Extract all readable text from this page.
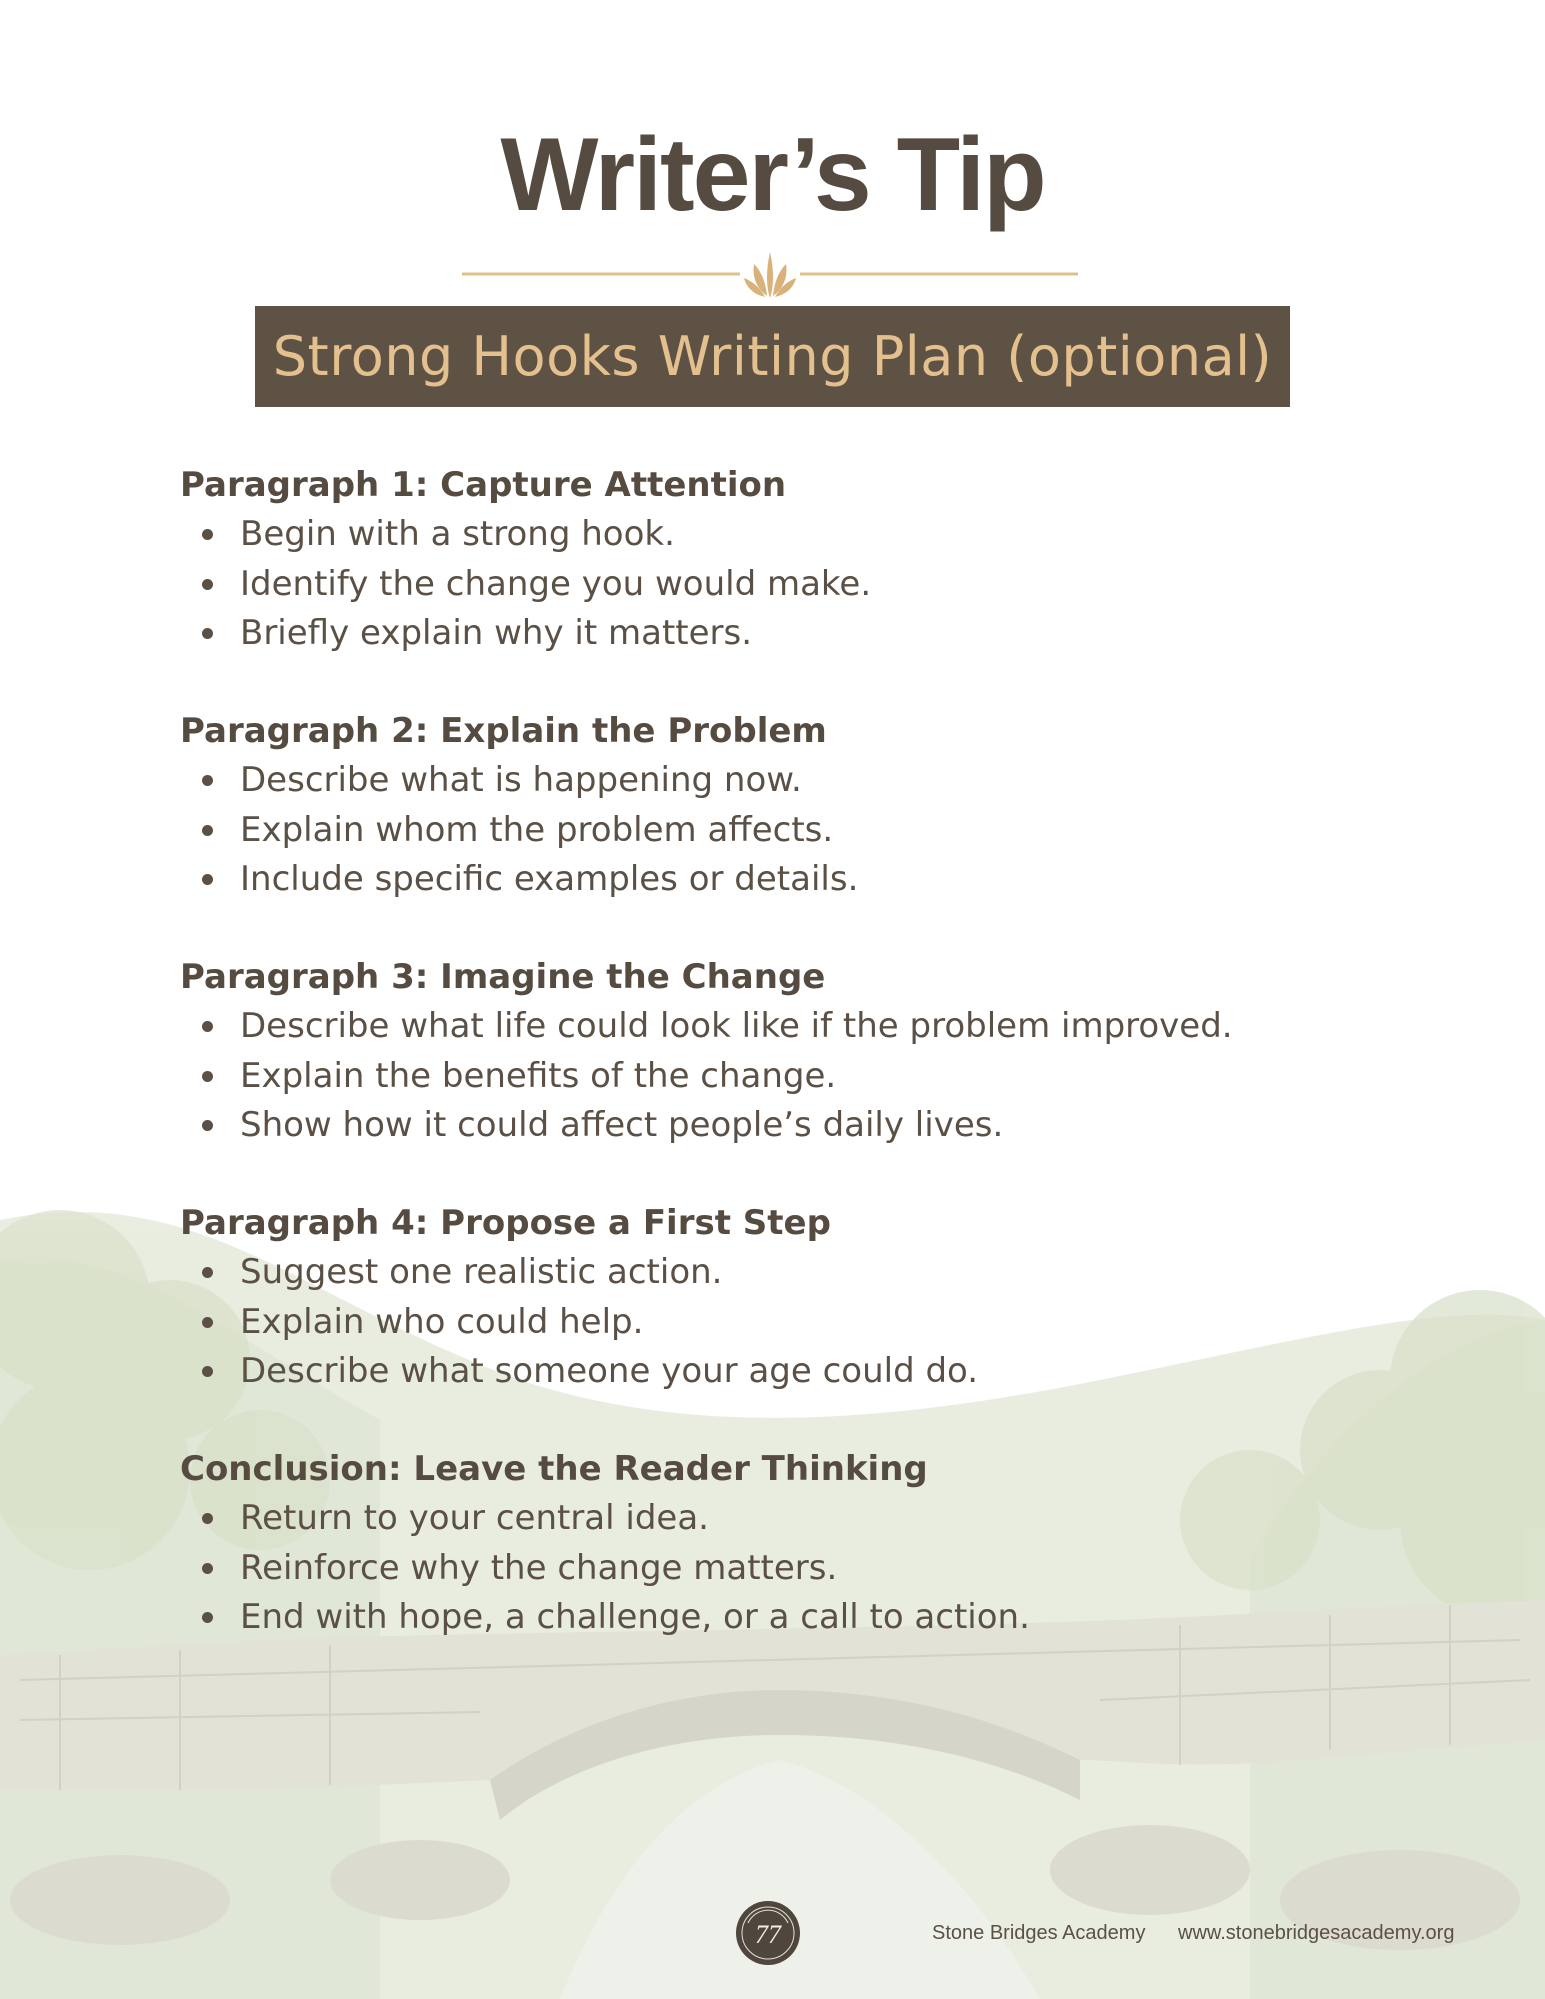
Writer’s Tip
Strong Hooks Writing Plan (optional)
Paragraph 1: Capture Attention
Begin with a strong hook.
Identify the change you would make.
Briefly explain why it matters.
Paragraph 2: Explain the Problem
Describe what is happening now.
Explain whom the problem affects.
Include specific examples or details.
Paragraph 3: Imagine the Change
Describe what life could look like if the problem improved.
Explain the benefits of the change.
Show how it could affect people’s daily lives.
Paragraph 4: Propose a First Step
Suggest one realistic action.
Explain who could help.
Describe what someone your age could do.
Conclusion: Leave the Reader Thinking
Return to your central idea.
Reinforce why the change matters.
End with hope, a challenge, or a call to action.
77	Stone Bridges Academy www.stonebridgesacademy.org
